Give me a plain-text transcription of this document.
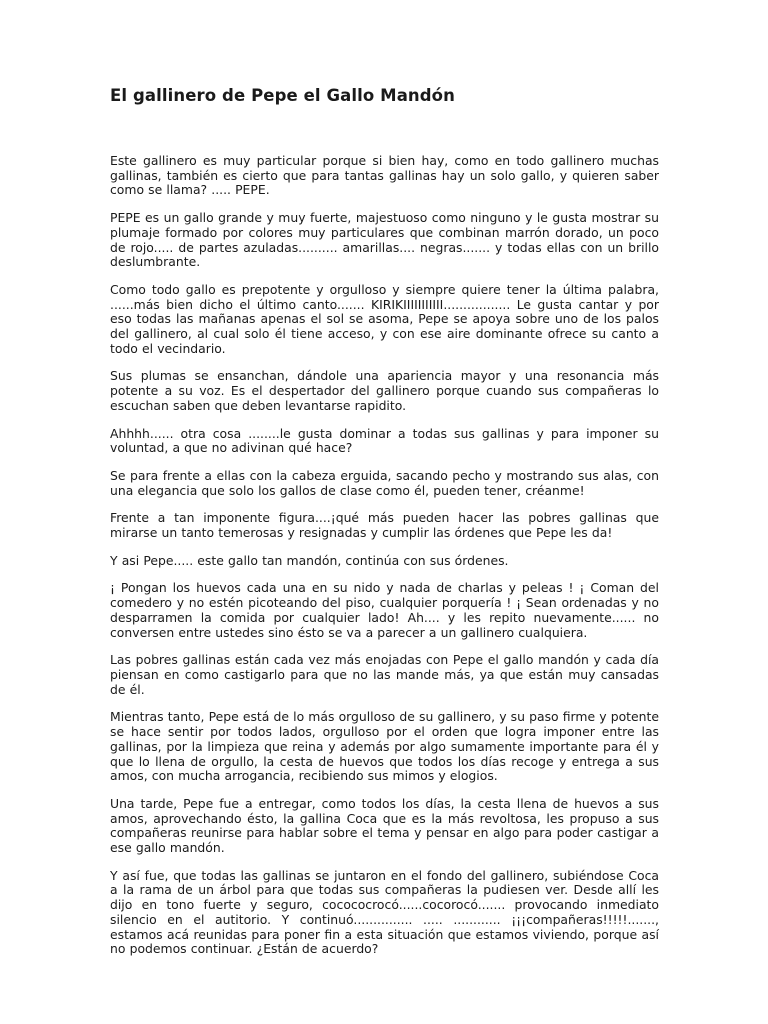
El gallinero de Pepe el Gallo Mandón

Este gallinero es muy particular porque si bien hay, como en todo gallinero muchas gallinas, también es cierto que para tantas gallinas hay un solo gallo, y quieren saber como se llama? ..... PEPE.

PEPE es un gallo grande y muy fuerte, majestuoso como ninguno y le gusta mostrar su plumaje formado por colores muy particulares que combinan marrón dorado, un poco de rojo..... de partes azuladas.......... amarillas.... negras....... y todas ellas con un brillo deslumbrante.

Como todo gallo es prepotente y orgulloso y siempre quiere tener la última palabra, ......más bien dicho el último canto....... KIRIKIIIIIIIIIII................. Le gusta cantar y por eso todas las mañanas apenas el sol se asoma, Pepe se apoya sobre uno de los palos del gallinero, al cual solo él tiene acceso, y con ese aire dominante ofrece su canto a todo el vecindario.

Sus plumas se ensanchan, dándole una apariencia mayor y una resonancia más potente a su voz. Es el despertador del gallinero porque cuando sus compañeras lo escuchan saben que deben levantarse rapidito.

Ahhhh...... otra cosa ........le gusta dominar a todas sus gallinas y para imponer su voluntad, a que no adivinan qué hace?

Se para frente a ellas con la cabeza erguida, sacando pecho y mostrando sus alas, con una elegancia que solo los gallos de clase como él, pueden tener, créanme!

Frente a tan imponente figura....¡qué más pueden hacer las pobres gallinas que mirarse un tanto temerosas y resignadas y cumplir las órdenes que Pepe les da!

Y asi Pepe..... este gallo tan mandón, continúa con sus órdenes.

¡ Pongan los huevos cada una en su nido y nada de charlas y peleas ! ¡ Coman del comedero y no estén picoteando del piso, cualquier porquería ! ¡ Sean ordenadas y no desparramen la comida por cualquier lado! Ah.... y les repito nuevamente...... no conversen entre ustedes sino ésto se va a parecer a un gallinero cualquiera.

Las pobres gallinas están cada vez más enojadas con Pepe el gallo mandón y cada día piensan en como castigarlo para que no las mande más, ya que están muy cansadas de él.

Mientras tanto, Pepe está de lo más orgulloso de su gallinero, y su paso firme y potente se hace sentir por todos lados, orgulloso por el orden que logra imponer entre las gallinas, por la limpieza que reina y además por algo sumamente importante para él y que lo llena de orgullo, la cesta de huevos que todos los días recoge y entrega a sus amos, con mucha arrogancia, recibiendo sus mimos y elogios.

Una tarde, Pepe fue a entregar, como todos los días, la cesta llena de huevos a sus amos, aprovechando ésto, la gallina Coca que es la más revoltosa, les propuso a sus compañeras reunirse para hablar sobre el tema y pensar en algo para poder castigar a ese gallo mandón.

Y así fue, que todas las gallinas se juntaron en el fondo del gallinero, subiéndose Coca a la rama de un árbol para que todas sus compañeras la pudiesen ver. Desde allí les dijo en tono fuerte y seguro, cocococrocó......cocorocó....... provocando inmediato silencio en el autitorio. Y continuó............... ..... ............ ¡¡¡compañeras!!!!!......., estamos acá reunidas para poner fin a esta situación que estamos viviendo, porque así no podemos continuar. ¿Están de acuerdo?
